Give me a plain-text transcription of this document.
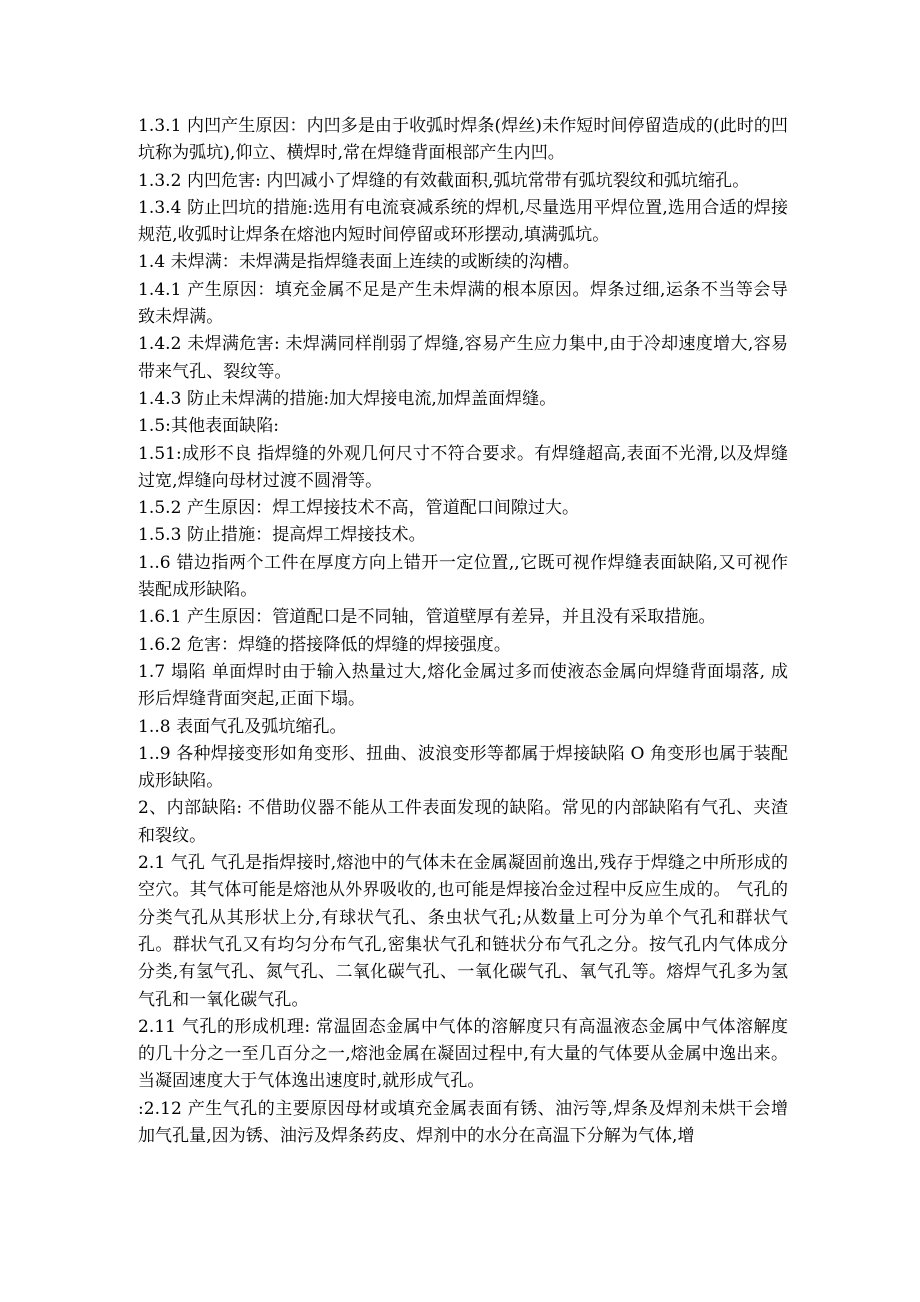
1.3.1 内凹产生原因：内凹多是由于收弧时焊条(焊丝)未作短时间停留造成的(此时的凹坑称为弧坑),仰立、横焊时,常在焊缝背面根部产生内凹。

1.3.2 内凹危害: 内凹减小了焊缝的有效截面积,弧坑常带有弧坑裂纹和弧坑缩孔。

1.3.4 防止凹坑的措施:选用有电流衰减系统的焊机,尽量选用平焊位置,选用合适的焊接规范,收弧时让焊条在熔池内短时间停留或环形摆动,填满弧坑。

1.4 未焊满：未焊满是指焊缝表面上连续的或断续的沟槽。

1.4.1 产生原因：填充金属不足是产生未焊满的根本原因。焊条过细,运条不当等会导致未焊满。

1.4.2 未焊满危害: 未焊满同样削弱了焊缝,容易产生应力集中,由于冷却速度增大,容易带来气孔、裂纹等。

1.4.3 防止未焊满的措施:加大焊接电流,加焊盖面焊缝。

1.5:其他表面缺陷:

1.51:成形不良 指焊缝的外观几何尺寸不符合要求。有焊缝超高,表面不光滑,以及焊缝过宽,焊缝向母材过渡不圆滑等。

1.5.2 产生原因：焊工焊接技术不高，管道配口间隙过大。

1.5.3 防止措施：提高焊工焊接技术。

1..6 错边指两个工件在厚度方向上错开一定位置,,它既可视作焊缝表面缺陷,又可视作装配成形缺陷。

1.6.1 产生原因：管道配口是不同轴，管道壁厚有差异，并且没有采取措施。

1.6.2 危害：焊缝的搭接降低的焊缝的焊接强度。

1.7 塌陷 单面焊时由于输入热量过大,熔化金属过多而使液态金属向焊缝背面塌落, 成形后焊缝背面突起,正面下塌。

1..8 表面气孔及弧坑缩孔。

1..9 各种焊接变形如角变形、扭曲、波浪变形等都属于焊接缺陷 O 角变形也属于装配成形缺陷。

2、内部缺陷: 不借助仪器不能从工件表面发现的缺陷。常见的内部缺陷有气孔、夹渣和裂纹。

2.1 气孔 气孔是指焊接时,熔池中的气体未在金属凝固前逸出,残存于焊缝之中所形成的空穴。其气体可能是熔池从外界吸收的,也可能是焊接冶金过程中反应生成的。 气孔的分类气孔从其形状上分,有球状气孔、条虫状气孔;从数量上可分为单个气孔和群状气孔。群状气孔又有均匀分布气孔,密集状气孔和链状分布气孔之分。按气孔内气体成分分类,有氢气孔、氮气孔、二氧化碳气孔、一氧化碳气孔、氧气孔等。熔焊气孔多为氢气孔和一氧化碳气孔。

2.11 气孔的形成机理: 常温固态金属中气体的溶解度只有高温液态金属中气体溶解度的几十分之一至几百分之一,熔池金属在凝固过程中,有大量的气体要从金属中逸出来。当凝固速度大于气体逸出速度时,就形成气孔。

:2.12 产生气孔的主要原因母材或填充金属表面有锈、油污等,焊条及焊剂未烘干会增加气孔量,因为锈、油污及焊条药皮、焊剂中的水分在高温下分解为气体,增
